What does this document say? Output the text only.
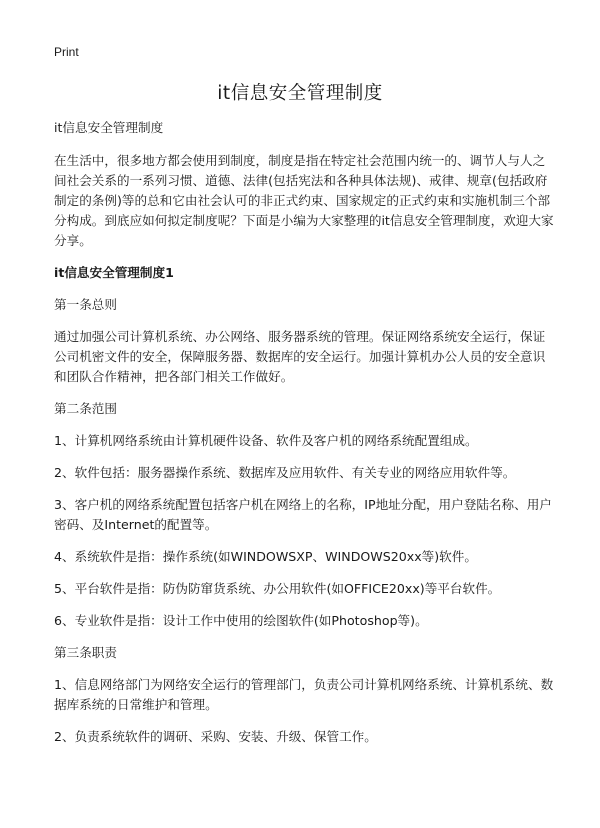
Print
it信息安全管理制度

it信息安全管理制度

在生活中，很多地方都会使用到制度，制度是指在特定社会范围内统一的、调节人与人之间社会关系的一系列习惯、道德、法律(包括宪法和各种具体法规)、戒律、规章(包括政府制定的条例)等的总和它由社会认可的非正式约束、国家规定的正式约束和实施机制三个部分构成。到底应如何拟定制度呢？下面是小编为大家整理的it信息安全管理制度，欢迎大家分享。

it信息安全管理制度1

第一条总则

通过加强公司计算机系统、办公网络、服务器系统的管理。保证网络系统安全运行，保证公司机密文件的安全，保障服务器、数据库的安全运行。加强计算机办公人员的安全意识和团队合作精神，把各部门相关工作做好。

第二条范围

1、计算机网络系统由计算机硬件设备、软件及客户机的网络系统配置组成。

2、软件包括：服务器操作系统、数据库及应用软件、有关专业的网络应用软件等。

3、客户机的网络系统配置包括客户机在网络上的名称，IP地址分配，用户登陆名称、用户密码、及Internet的配置等。

4、系统软件是指：操作系统(如WINDOWSXP、WINDOWS20xx等)软件。

5、平台软件是指：防伪防窜货系统、办公用软件(如OFFICE20xx)等平台软件。

6、专业软件是指：设计工作中使用的绘图软件(如Photoshop等)。

第三条职责

1、信息网络部门为网络安全运行的管理部门，负责公司计算机网络系统、计算机系统、数据库系统的日常维护和管理。

2、负责系统软件的调研、采购、安装、升级、保管工作。
